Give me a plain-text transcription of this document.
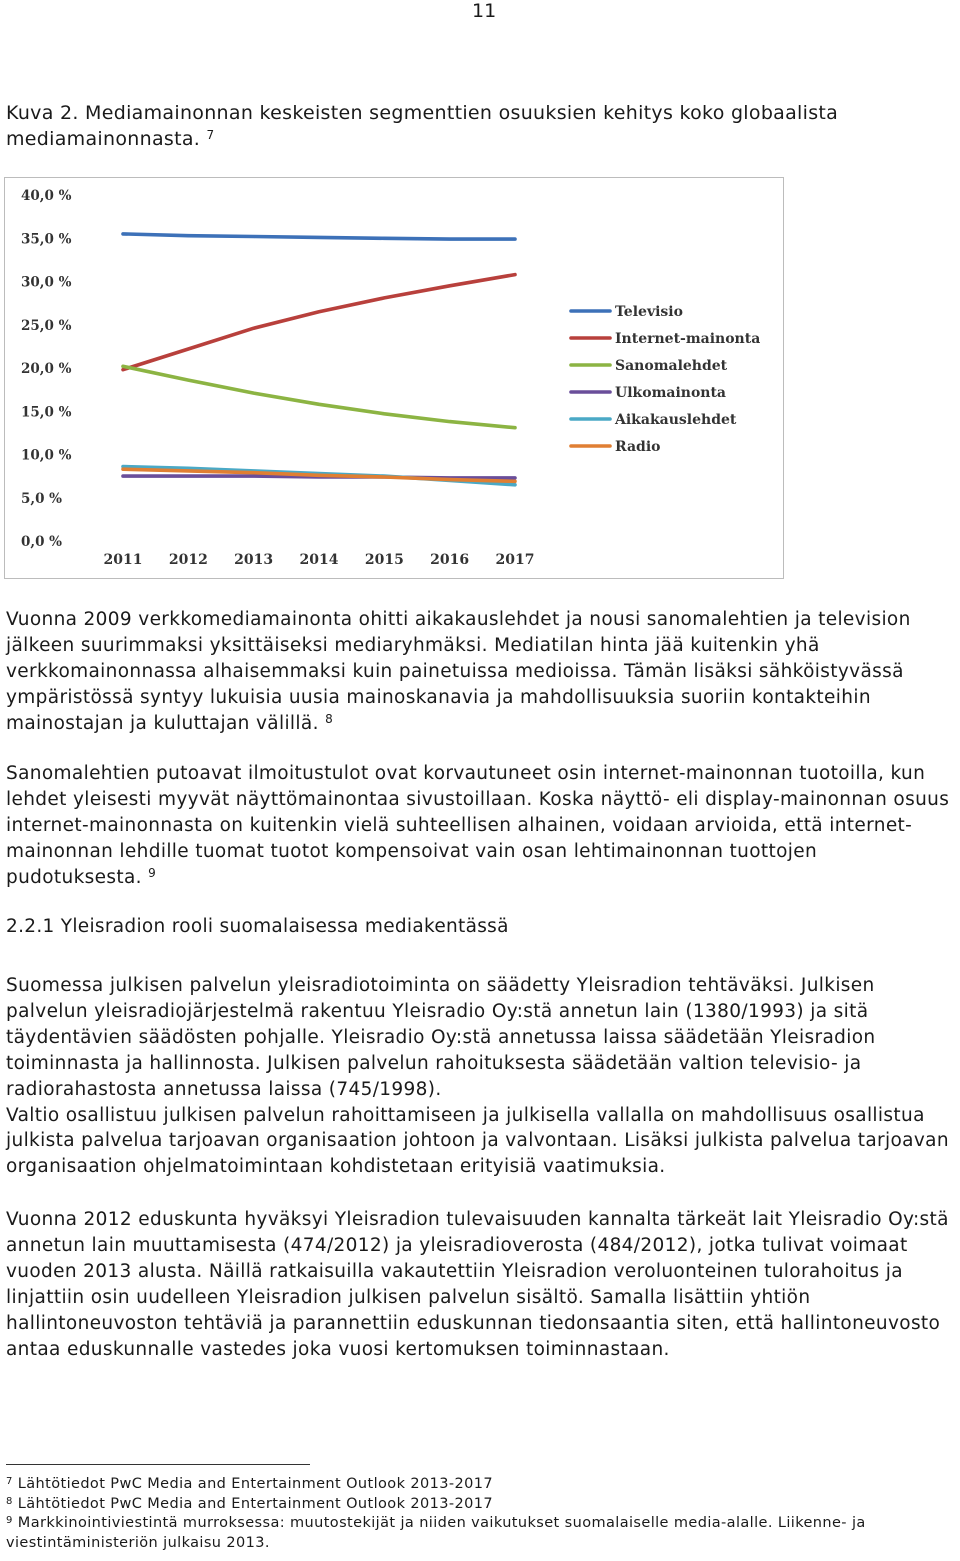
11
Kuva 2. Mediamainonnan keskeisten segmenttien osuuksien kehitys koko globaalista mediamainonnasta. $^7$
0,0 %
5,0 %
10,0 %
15,0 %
20,0 %
25,0 %
30,0 %
35,0 %
40,0 %
2011 2012 2013 2014 2015 2016 2017
Televisio
Internet-mainonta
Sanomalehdet
Ulkomainonta
Aikakauslehdet
Radio

Vuonna 2009 verkkomediamainonta ohitti aikakauslehdet ja nousi sanomalehtien ja television jälkeen suurimmaksi yksittäiseksi mediaryhmäksi. Mediatilan hinta jää kuitenkin yhä verkkomainonnassa alhaisemmaksi kuin painetuissa medioissa. Tämän lisäksi sähköistyvässä ympäristössä syntyy lukuisia uusia mainoskanavia ja mahdollisuuksia suoriin kontakteihin mainostajan ja kuluttajan välillä. $^8$

Sanomalehtien putoavat ilmoitustulot ovat korvautuneet osin internet-mainonnan tuotoilla, kun lehdet yleisesti myyvät näyttömainontaa sivustoillaan. Koska näyttö- eli display-mainonnan osuus internet-mainonnasta on kuitenkin vielä suhteellisen alhainen, voidaan arvioida, että internet-mainonnan lehdille tuomat tuotot kompensoivat vain osan lehtimainonnan tuottojen pudotuksesta. $^9$

2.2.1 Yleisradion rooli suomalaisessa mediakentässä

Suomessa julkisen palvelun yleisradiotoiminta on säädetty Yleisradion tehtäväksi. Julkisen palvelun yleisradiojärjestelmä rakentuu Yleisradio Oy:stä annetun lain (1380/1993) ja sitä täydentävien säädösten pohjalle. Yleisradio Oy:stä annetussa laissa säädetään Yleisradion toiminnasta ja hallinnosta. Julkisen palvelun rahoituksesta säädetään valtion televisio- ja radiorahastosta annetussa laissa (745/1998).

Valtio osallistuu julkisen palvelun rahoittamiseen ja julkisella vallalla on mahdollisuus osallistua julkista palvelua tarjoavan organisaation johtoon ja valvontaan. Lisäksi julkista palvelua tarjoavan organisaation ohjelmatoimintaan kohdistetaan erityisiä vaatimuksia.

Vuonna 2012 eduskunta hyväksyi Yleisradion tulevaisuuden kannalta tärkeät lait Yleisradio Oy:stä annetun lain muuttamisesta (474/2012) ja yleisradioverosta (484/2012), jotka tulivat voimaat vuoden 2013 alusta. Näillä ratkaisuilla vakautettiin Yleisradion veroluonteinen tulorahoitus ja linjattiin osin uudelleen Yleisradion julkisen palvelun sisältö. Samalla lisättiin yhtiön hallintoneuvoston tehtäviä ja parannettiin eduskunnan tiedonsaantia siten, että hallintoneuvosto antaa eduskunnalle vastedes joka vuosi kertomuksen toiminnastaan.

$^7$ Lähtötiedot PwC Media and Entertainment Outlook 2013-2017
$^8$ Lähtötiedot PwC Media and Entertainment Outlook 2013-2017
$^9$ Markkinointiviestintä murroksessa: muutostekijät ja niiden vaikutukset suomalaiselle media-alalle. Liikenne- ja viestintäministeriön julkaisu 2013.
